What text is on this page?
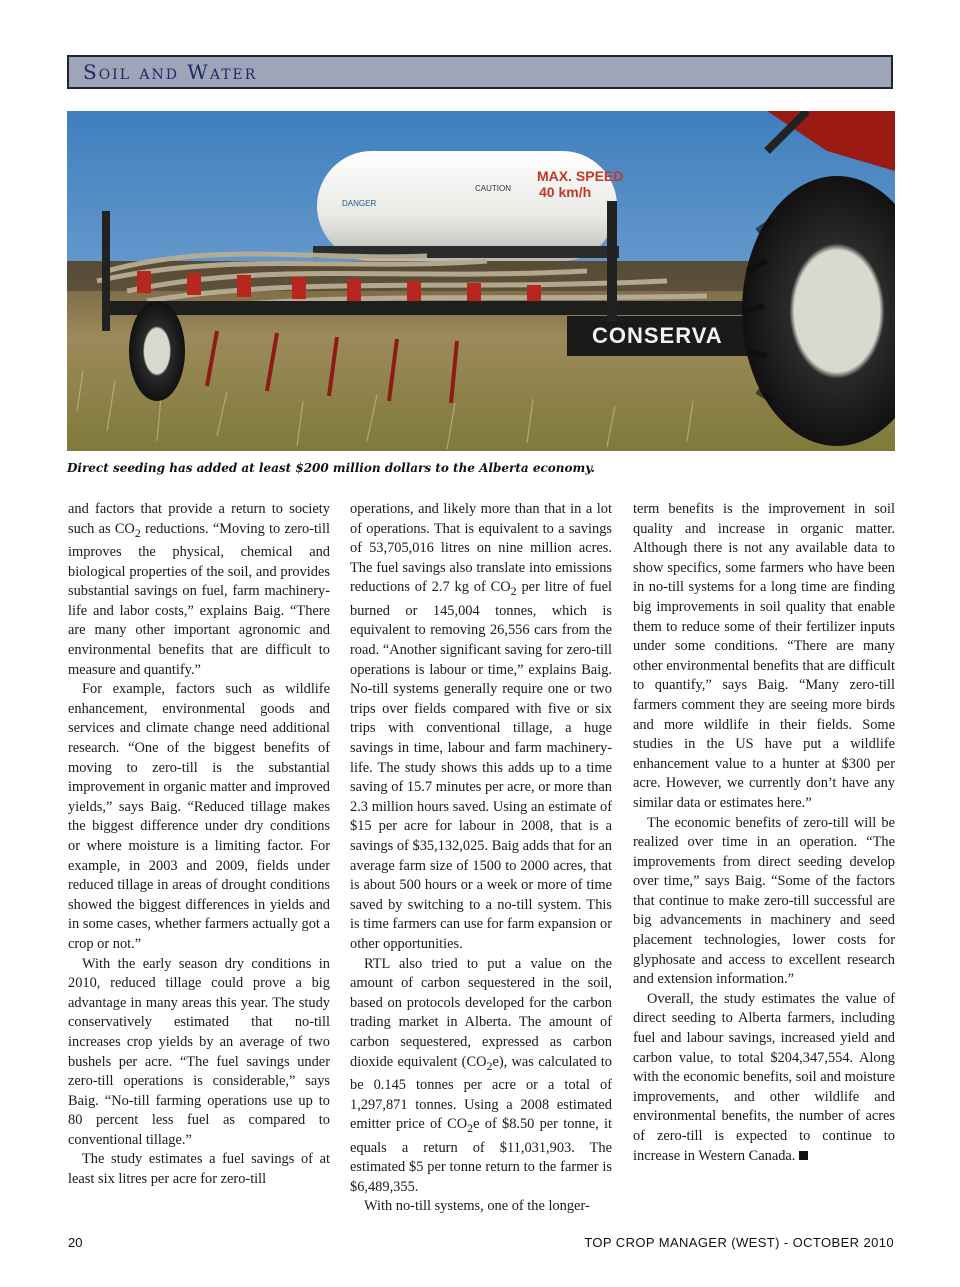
Soil and Water
MAX. SPEED
40 km/h
CAUTION
DANGER
CONSERVA
Direct seeding has added at least $200 million dollars to the Alberta economy.

and factors that provide a return to society such as $CO_2$ reductions. “Moving to zero-till improves the physical, chemical and biological properties of the soil, and provides substantial savings on fuel, farm machinery-life and labor costs,” explains Baig. “There are many other important agronomic and environmental benefits that are difficult to measure and quantify.”

For example, factors such as wildlife enhancement, environmental goods and services and climate change need additional research. “One of the biggest benefits of moving to zero-till is the substantial improvement in organic matter and improved yields,” says Baig. “Reduced tillage makes the biggest difference under dry conditions or where moisture is a limiting factor. For example, in 2003 and 2009, fields under reduced tillage in areas of drought conditions showed the biggest differences in yields and in some cases, whether farmers actually got a crop or not.”

With the early season dry conditions in 2010, reduced tillage could prove a big advantage in many areas this year. The study conservatively estimated that no-till increases crop yields by an average of two bushels per acre. “The fuel savings under zero-till operations is considerable,” says Baig. “No-till farming operations use up to 80 percent less fuel as compared to conventional tillage.”

The study estimates a fuel savings of at least six litres per acre for zero-till

operations, and likely more than that in a lot of operations. That is equivalent to a savings of 53,705,016 litres on nine million acres. The fuel savings also translate into emissions reductions of 2.7 kg of $CO_2$ per litre of fuel burned or 145,004 tonnes, which is equivalent to removing 26,556 cars from the road. “Another significant saving for zero-till operations is labour or time,” explains Baig. No-till systems generally require one or two trips over fields compared with five or six trips with conventional tillage, a huge savings in time, labour and farm machinery-life. The study shows this adds up to a time saving of 15.7 minutes per acre, or more than 2.3 million hours saved. Using an estimate of $15 per acre for labour in 2008, that is a savings of $35,132,025. Baig adds that for an average farm size of 1500 to 2000 acres, that is about 500 hours or a week or more of time saved by switching to a no-till system. This is time farmers can use for farm expansion or other opportunities.

RTL also tried to put a value on the amount of carbon sequestered in the soil, based on protocols developed for the carbon trading market in Alberta. The amount of carbon sequestered, expressed as carbon dioxide equivalent $(CO_2e)$, was calculated to be 0.145 tonnes per acre or a total of 1,297,871 tonnes. Using a 2008 estimated emitter price of $CO_2e$ of $8.50 per tonne, it equals a return of $11,031,903. The estimated $5 per tonne return to the farmer is $6,489,355.

With no-till systems, one of the longer-

term benefits is the improvement in soil quality and increase in organic matter. Although there is not any available data to show specifics, some farmers who have been in no-till systems for a long time are finding big improvements in soil quality that enable them to reduce some of their fertilizer inputs under some conditions. “There are many other environmental benefits that are difficult to quantify,” says Baig. “Many zero-till farmers comment they are seeing more birds and more wildlife in their fields. Some studies in the US have put a wildlife enhancement value to a hunter at $300 per acre. However, we currently don’t have any similar data or estimates here.”

The economic benefits of zero-till will be realized over time in an operation. “The improvements from direct seeding develop over time,” says Baig. “Some of the factors that continue to make zero-till successful are big advancements in machinery and seed placement technologies, lower costs for glyphosate and access to excellent research and extension information.”

Overall, the study estimates the value of direct seeding to Alberta farmers, including fuel and labour savings, increased yield and carbon value, to total $204,347,554. Along with the economic benefits, soil and moisture improvements, and other wildlife and environmental benefits, the number of acres of zero-till is expected to continue to increase in Western Canada.

20	TOP CROP MANAGER (WEST) - OCTOBER 2010
